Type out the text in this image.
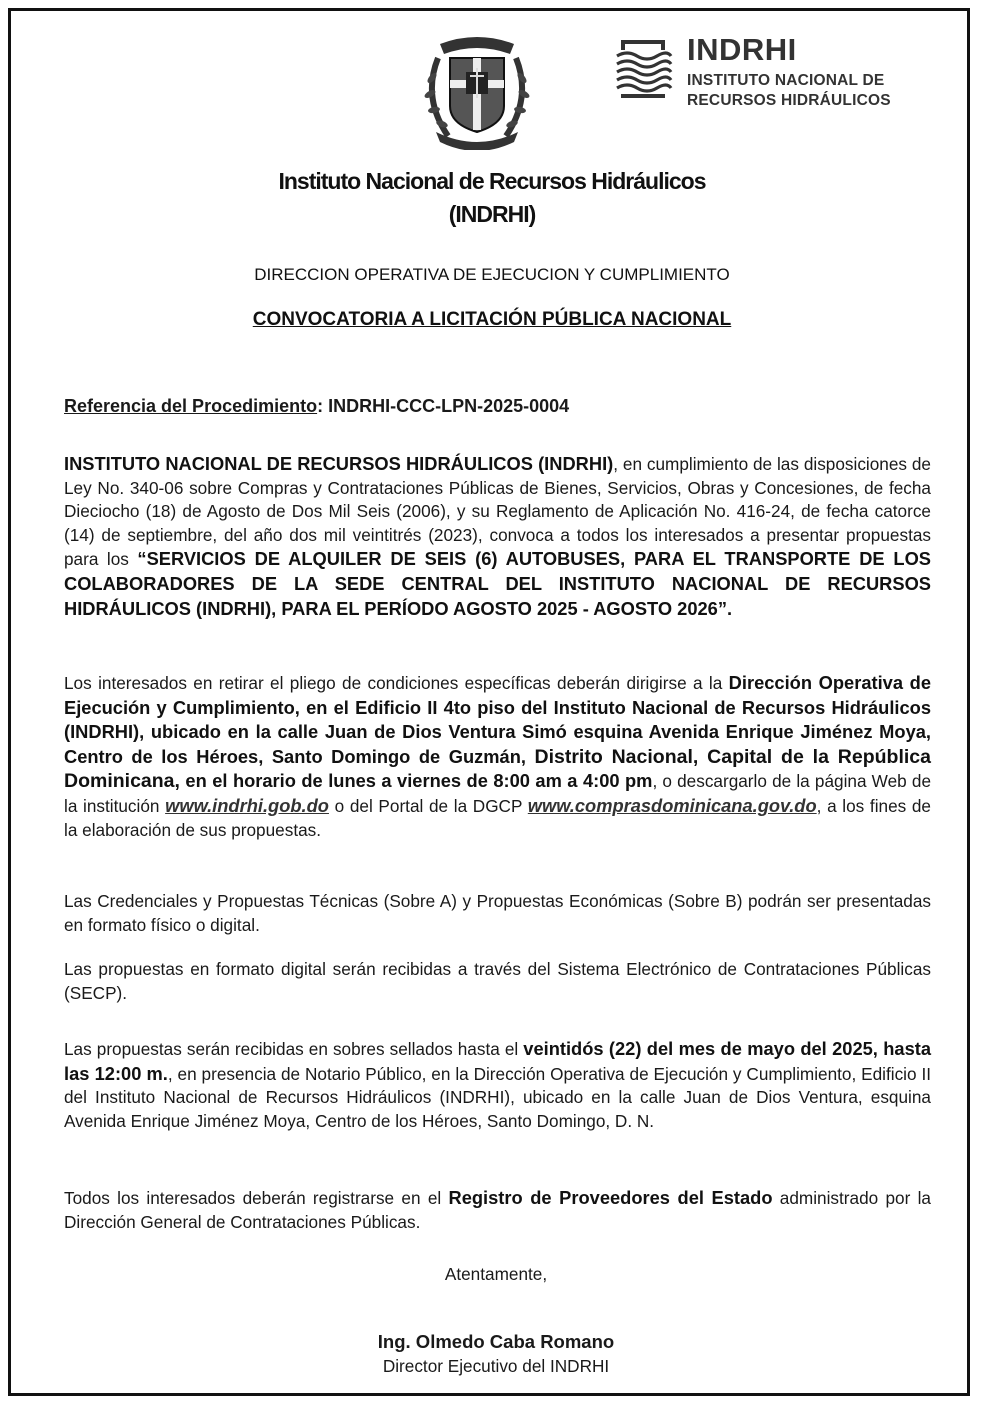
INDRHI
INSTITUTO NACIONAL DE
RECURSOS HIDRÁULICOS
Instituto Nacional de Recursos Hidráulicos
(INDRHI)
DIRECCION OPERATIVA DE EJECUCION Y CUMPLIMIENTO
CONVOCATORIA A LICITACIÓN PÚBLICA NACIONAL
Referencia del Procedimiento: INDRHI-CCC-LPN-2025-0004
INSTITUTO NACIONAL DE RECURSOS HIDRÁULICOS (INDRHI), en cumplimiento de las disposiciones de Ley No. 340-06 sobre Compras y Contrataciones Públicas de Bienes, Servicios, Obras y Concesiones, de fecha Dieciocho (18) de Agosto de Dos Mil Seis (2006), y su Reglamento de Aplicación No. 416-24, de fecha catorce (14) de septiembre, del año dos mil veintitrés (2023), convoca a todos los interesados a presentar propuestas para los “SERVICIOS DE ALQUILER DE SEIS (6) AUTOBUSES, PARA EL TRANSPORTE DE LOS COLABORADORES DE LA SEDE CENTRAL DEL INSTITUTO NACIONAL DE RECURSOS HIDRÁULICOS (INDRHI), PARA EL PERÍODO AGOSTO 2025 - AGOSTO 2026”.
Los interesados en retirar el pliego de condiciones específicas deberán dirigirse a la Dirección Operativa de Ejecución y Cumplimiento, en el Edificio II 4to piso del Instituto Nacional de Recursos Hidráulicos (INDRHI), ubicado en la calle Juan de Dios Ventura Simó esquina Avenida Enrique Jiménez Moya, Centro de los Héroes, Santo Domingo de Guzmán, Distrito Nacional, Capital de la República Dominicana, en el horario de lunes a viernes de 8:00 am a 4:00 pm, o descargarlo de la página Web de la institución www.indrhi.gob.do o del Portal de la DGCP www.comprasdominicana.gov.do, a los fines de la elaboración de sus propuestas.
Las Credenciales y Propuestas Técnicas (Sobre A) y Propuestas Económicas (Sobre B) podrán ser presentadas en formato físico o digital.
Las propuestas en formato digital serán recibidas a través del Sistema Electrónico de Contrataciones Públicas (SECP).
Las propuestas serán recibidas en sobres sellados hasta el veintidós (22) del mes de mayo del 2025, hasta las 12:00 m., en presencia de Notario Público, en la Dirección Operativa de Ejecución y Cumplimiento, Edificio II del Instituto Nacional de Recursos Hidráulicos (INDRHI), ubicado en la calle Juan de Dios Ventura, esquina Avenida Enrique Jiménez Moya, Centro de los Héroes, Santo Domingo, D. N.
Todos los interesados deberán registrarse en el Registro de Proveedores del Estado administrado por la Dirección General de Contrataciones Públicas.
Atentamente,
Ing. Olmedo Caba Romano
Director Ejecutivo del INDRHI
